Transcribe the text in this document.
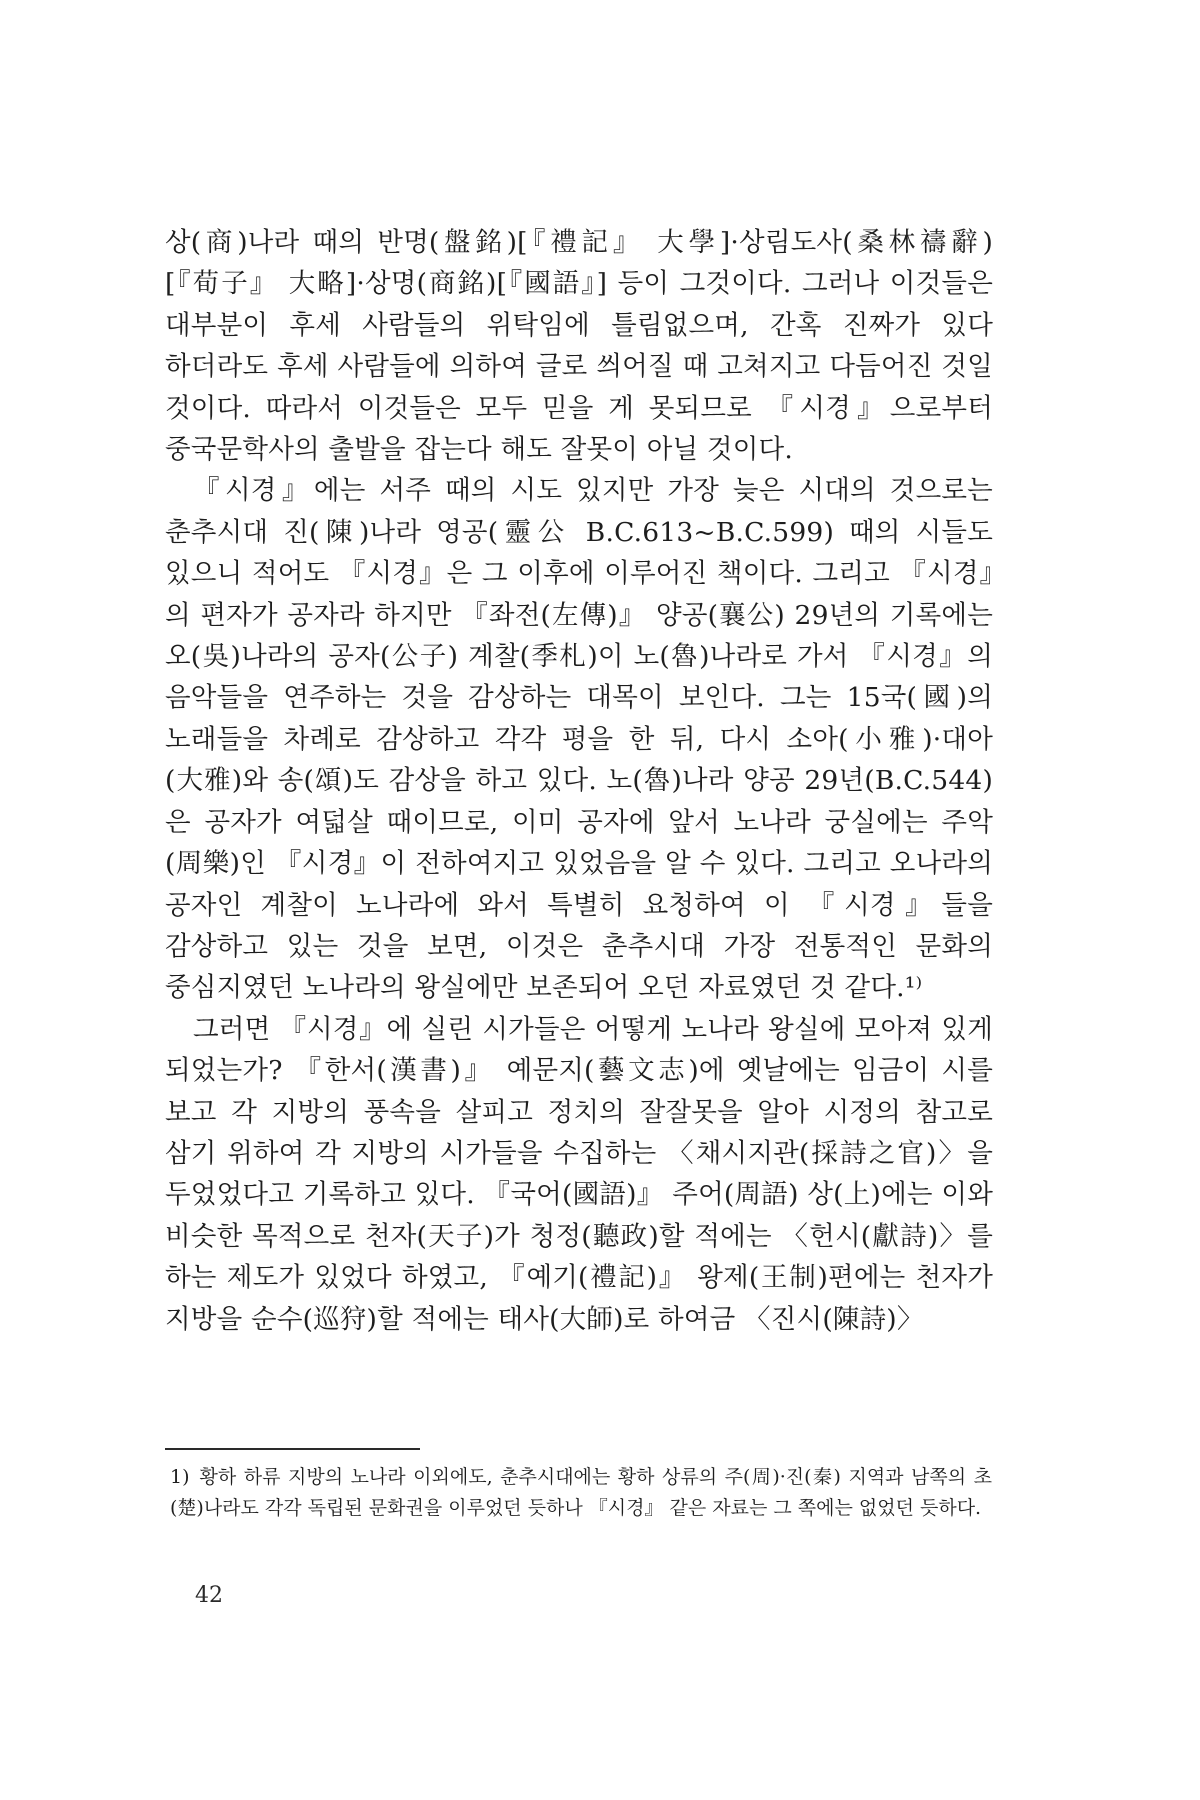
상(商)나라 때의 반명(盤銘)[『禮記』 大學]·상림도사(桑林禱辭)[『荀子』 大略]·상명(商銘)[『國語』] 등이 그것이다. 그러나 이것들은 대부분이 후세 사람들의 위탁임에 틀림없으며, 간혹 진짜가 있다 하더라도 후세 사람들에 의하여 글로 씌어질 때 고쳐지고 다듬어진 것일 것이다. 따라서 이것들은 모두 믿을 게 못되므로 『시경』으로부터 중국문학사의 출발을 잡는다 해도 잘못이 아닐 것이다.

『시경』에는 서주 때의 시도 있지만 가장 늦은 시대의 것으로는 춘추시대 진(陳)나라 영공(靈公 B.C.613~B.C.599) 때의 시들도 있으니 적어도 『시경』은 그 이후에 이루어진 책이다. 그리고 『시경』의 편자가 공자라 하지만 『좌전(左傳)』 양공(襄公) 29년의 기록에는 오(吳)나라의 공자(公子) 계찰(季札)이 노(魯)나라로 가서 『시경』의 음악들을 연주하는 것을 감상하는 대목이 보인다. 그는 15국(國)의 노래들을 차례로 감상하고 각각 평을 한 뒤, 다시 소아(小雅)·대아(大雅)와 송(頌)도 감상을 하고 있다. 노(魯)나라 양공 29년(B.C.544)은 공자가 여덟살 때이므로, 이미 공자에 앞서 노나라 궁실에는 주악(周樂)인 『시경』이 전하여지고 있었음을 알 수 있다. 그리고 오나라의 공자인 계찰이 노나라에 와서 특별히 요청하여 이 『시경』들을 감상하고 있는 것을 보면, 이것은 춘추시대 가장 전통적인 문화의 중심지였던 노나라의 왕실에만 보존되어 오던 자료였던 것 같다.¹⁾

그러면 『시경』에 실린 시가들은 어떻게 노나라 왕실에 모아져 있게 되었는가? 『한서(漢書)』 예문지(藝文志)에 옛날에는 임금이 시를 보고 각 지방의 풍속을 살피고 정치의 잘잘못을 알아 시정의 참고로 삼기 위하여 각 지방의 시가들을 수집하는 〈채시지관(採詩之官)〉을 두었었다고 기록하고 있다. 『국어(國語)』 주어(周語) 상(上)에는 이와 비슷한 목적으로 천자(天子)가 청정(聽政)할 적에는 〈헌시(獻詩)〉를 하는 제도가 있었다 하였고, 『예기(禮記)』 왕제(王制)편에는 천자가 지방을 순수(巡狩)할 적에는 태사(大師)로 하여금 〈진시(陳詩)〉

1) 황하 하류 지방의 노나라 이외에도, 춘추시대에는 황하 상류의 주(周)·진(秦) 지역과 남쪽의 초(楚)나라도 각각 독립된 문화권을 이루었던 듯하나 『시경』 같은 자료는 그 쪽에는 없었던 듯하다.
42
